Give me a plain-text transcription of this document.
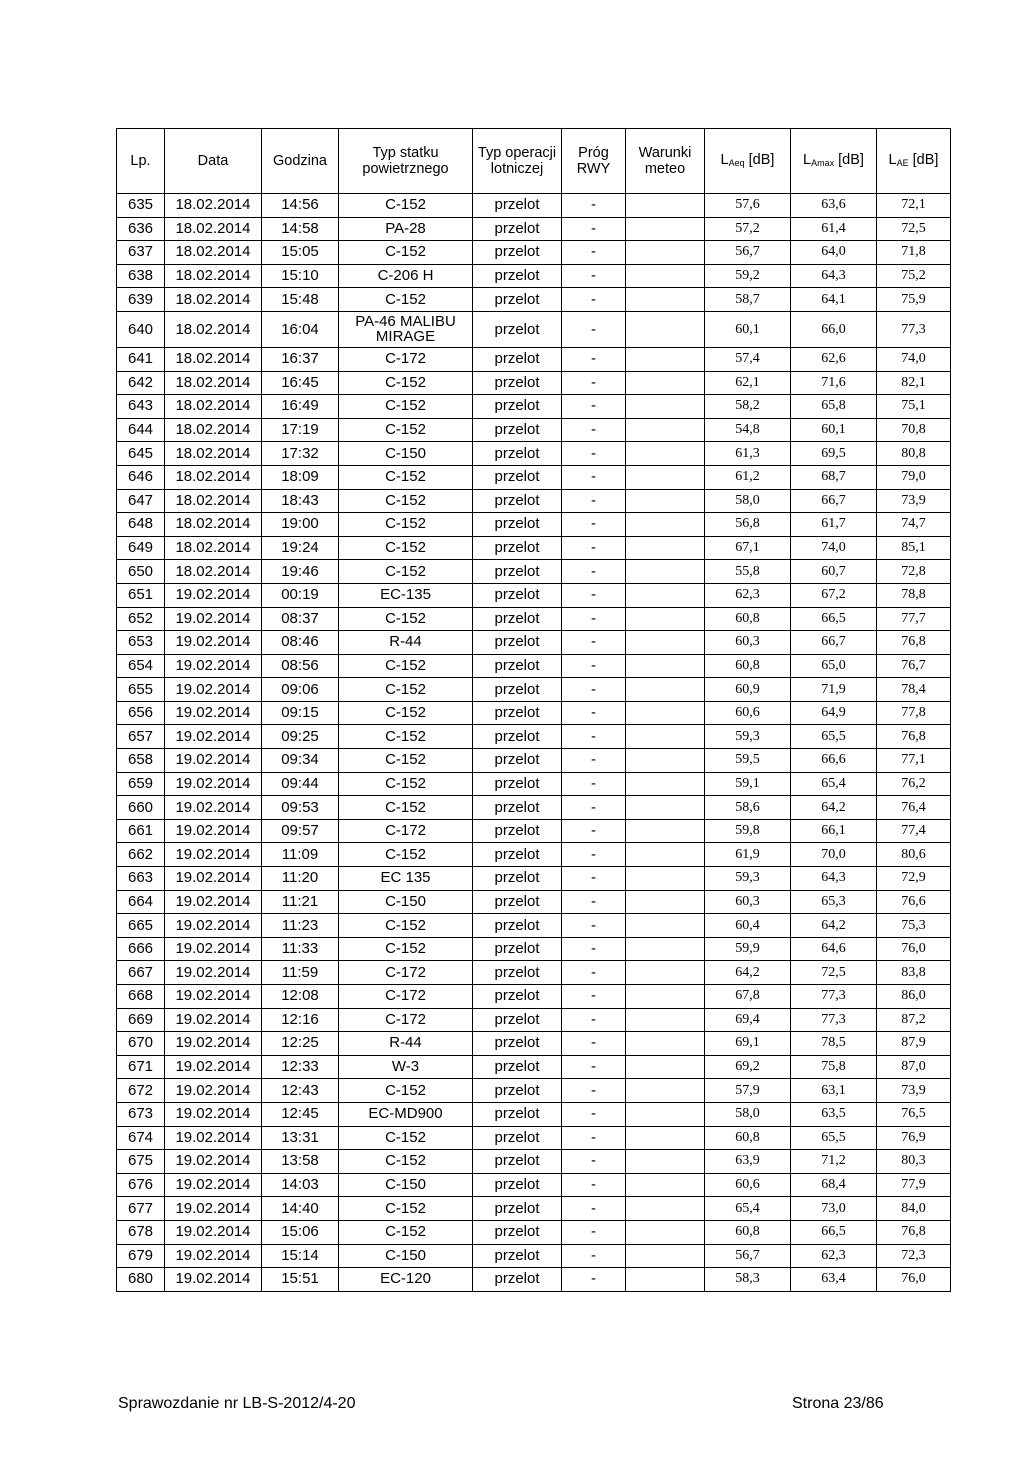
Lp.	Data	Godzina	Typ statku powietrznego	Typ operacji lotniczej	Próg RWY	Warunki meteo	$L_{Aeq}$ [dB]	$L_{Amax}$ [dB]	$L_{AE}$ [dB]
635	18.02.2014	14:56	C-152	przelot	-		57,6	63,6	72,1
636	18.02.2014	14:58	PA-28	przelot	-		57,2	61,4	72,5
637	18.02.2014	15:05	C-152	przelot	-		56,7	64,0	71,8
638	18.02.2014	15:10	C-206 H	przelot	-		59,2	64,3	75,2
639	18.02.2014	15:48	C-152	przelot	-		58,7	64,1	75,9
640	18.02.2014	16:04	PA-46 MALIBU MIRAGE	przelot	-		60,1	66,0	77,3
641	18.02.2014	16:37	C-172	przelot	-		57,4	62,6	74,0
642	18.02.2014	16:45	C-152	przelot	-		62,1	71,6	82,1
643	18.02.2014	16:49	C-152	przelot	-		58,2	65,8	75,1
644	18.02.2014	17:19	C-152	przelot	-		54,8	60,1	70,8
645	18.02.2014	17:32	C-150	przelot	-		61,3	69,5	80,8
646	18.02.2014	18:09	C-152	przelot	-		61,2	68,7	79,0
647	18.02.2014	18:43	C-152	przelot	-		58,0	66,7	73,9
648	18.02.2014	19:00	C-152	przelot	-		56,8	61,7	74,7
649	18.02.2014	19:24	C-152	przelot	-		67,1	74,0	85,1
650	18.02.2014	19:46	C-152	przelot	-		55,8	60,7	72,8
651	19.02.2014	00:19	EC-135	przelot	-		62,3	67,2	78,8
652	19.02.2014	08:37	C-152	przelot	-		60,8	66,5	77,7
653	19.02.2014	08:46	R-44	przelot	-		60,3	66,7	76,8
654	19.02.2014	08:56	C-152	przelot	-		60,8	65,0	76,7
655	19.02.2014	09:06	C-152	przelot	-		60,9	71,9	78,4
656	19.02.2014	09:15	C-152	przelot	-		60,6	64,9	77,8
657	19.02.2014	09:25	C-152	przelot	-		59,3	65,5	76,8
658	19.02.2014	09:34	C-152	przelot	-		59,5	66,6	77,1
659	19.02.2014	09:44	C-152	przelot	-		59,1	65,4	76,2
660	19.02.2014	09:53	C-152	przelot	-		58,6	64,2	76,4
661	19.02.2014	09:57	C-172	przelot	-		59,8	66,1	77,4
662	19.02.2014	11:09	C-152	przelot	-		61,9	70,0	80,6
663	19.02.2014	11:20	EC 135	przelot	-		59,3	64,3	72,9
664	19.02.2014	11:21	C-150	przelot	-		60,3	65,3	76,6
665	19.02.2014	11:23	C-152	przelot	-		60,4	64,2	75,3
666	19.02.2014	11:33	C-152	przelot	-		59,9	64,6	76,0
667	19.02.2014	11:59	C-172	przelot	-		64,2	72,5	83,8
668	19.02.2014	12:08	C-172	przelot	-		67,8	77,3	86,0
669	19.02.2014	12:16	C-172	przelot	-		69,4	77,3	87,2
670	19.02.2014	12:25	R-44	przelot	-		69,1	78,5	87,9
671	19.02.2014	12:33	W-3	przelot	-		69,2	75,8	87,0
672	19.02.2014	12:43	C-152	przelot	-		57,9	63,1	73,9
673	19.02.2014	12:45	EC-MD900	przelot	-		58,0	63,5	76,5
674	19.02.2014	13:31	C-152	przelot	-		60,8	65,5	76,9
675	19.02.2014	13:58	C-152	przelot	-		63,9	71,2	80,3
676	19.02.2014	14:03	C-150	przelot	-		60,6	68,4	77,9
677	19.02.2014	14:40	C-152	przelot	-		65,4	73,0	84,0
678	19.02.2014	15:06	C-152	przelot	-		60,8	66,5	76,8
679	19.02.2014	15:14	C-150	przelot	-		56,7	62,3	72,3
680	19.02.2014	15:51	EC-120	przelot	-		58,3	63,4	76,0
Sprawozdanie nr LB-S-2012/4-20	Strona 23/86
